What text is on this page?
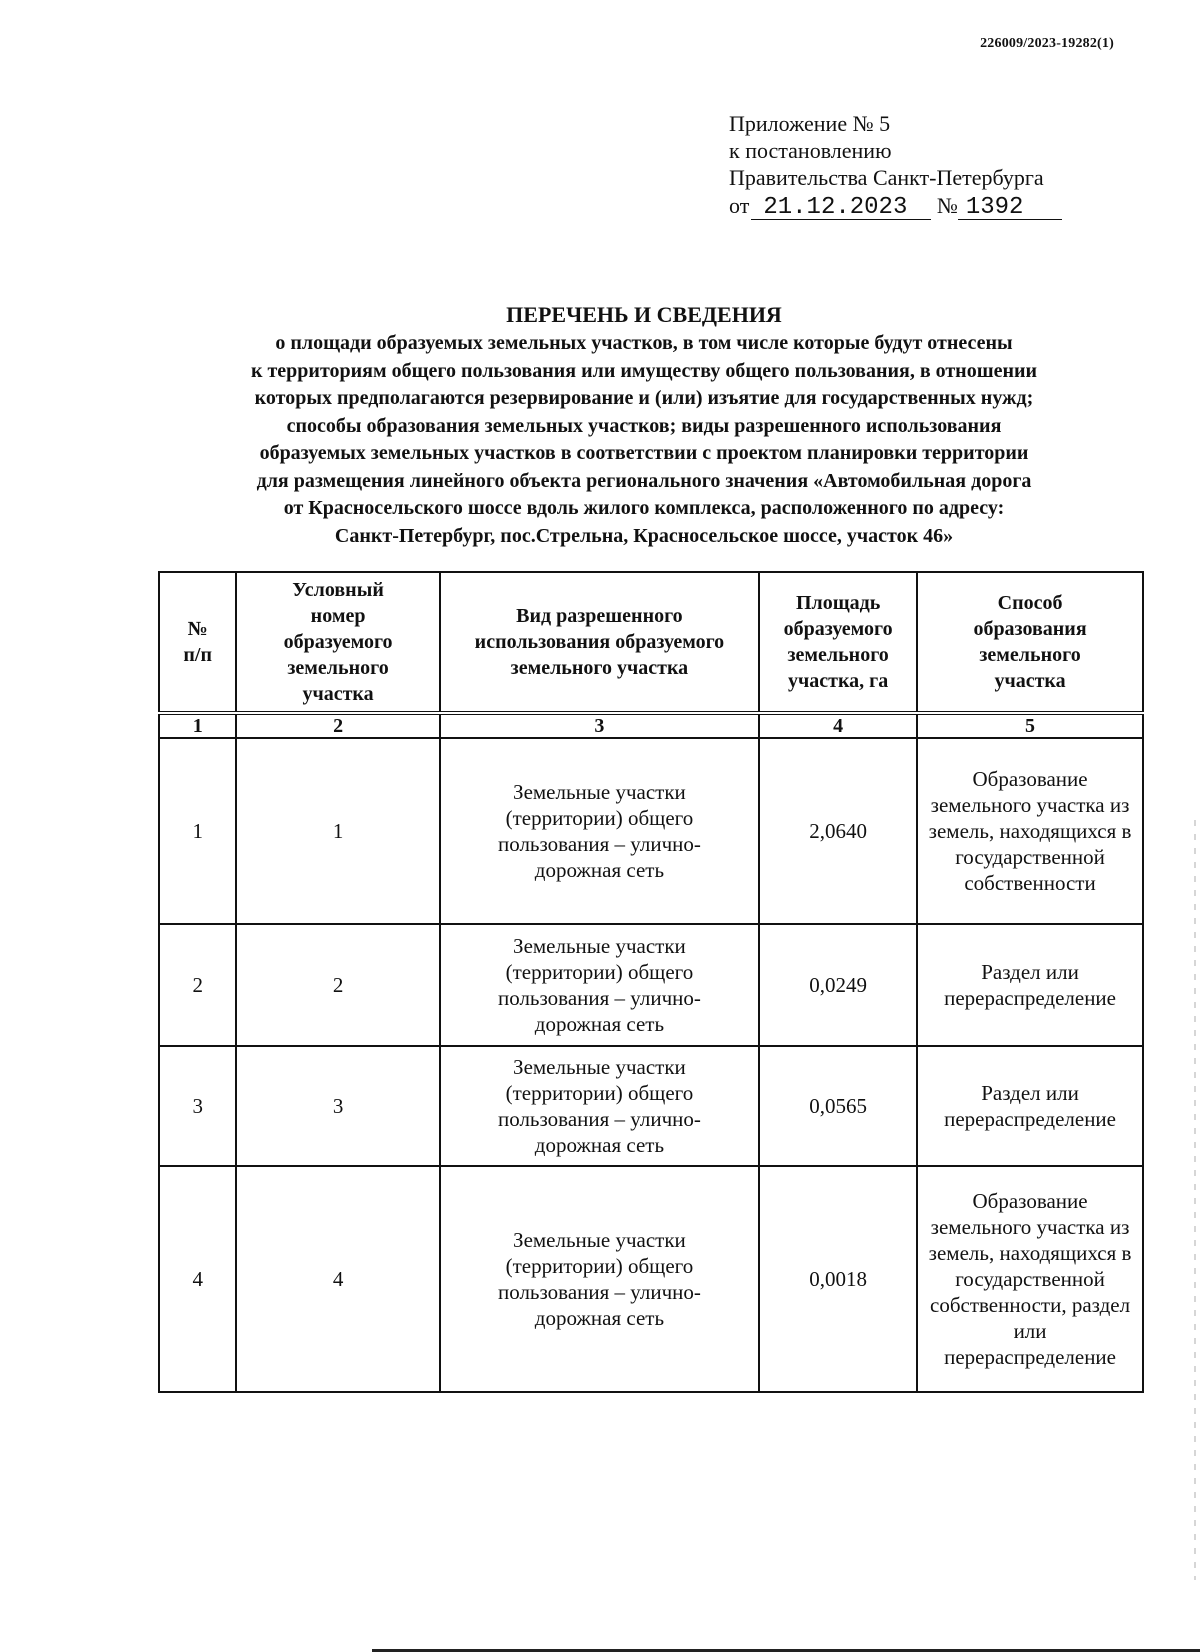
226009/2023-19282(1)
Приложение № 5
к постановлению
Правительства Санкт-Петербурга
от 21.12.2023 № 1392
ПЕРЕЧЕНЬ И СВЕДЕНИЯ
о площади образуемых земельных участков, в том числе которые будут отнесены
к территориям общего пользования или имуществу общего пользования, в отношении
которых предполагаются резервирование и (или) изъятие для государственных нужд;
способы образования земельных участков; виды разрешенного использования
образуемых земельных участков в соответствии с проектом планировки территории
для размещения линейного объекта регионального значения «Автомобильная дорога
от Красносельского шоссе вдоль жилого комплекса, расположенного по адресу:
Санкт-Петербург, пос.Стрельна, Красносельское шоссе, участок 46»
№ п/п	Условный номер образуемого земельного участка	Вид разрешенного использования образуемого земельного участка	Площадь образуемого земельного участка, га	Способ образования земельного участка
1	2	3	4	5
1	1	Земельные участки (территории) общего пользования – улично-дорожная сеть	2,0640	Образование земельного участка из земель, находящихся в государственной собственности
2	2	Земельные участки (территории) общего пользования – улично-дорожная сеть	0,0249	Раздел или перераспределение
3	3	Земельные участки (территории) общего пользования – улично-дорожная сеть	0,0565	Раздел или перераспределение
4	4	Земельные участки (территории) общего пользования – улично-дорожная сеть	0,0018	Образование земельного участка из земель, находящихся в государственной собственности, раздел или перераспределение
